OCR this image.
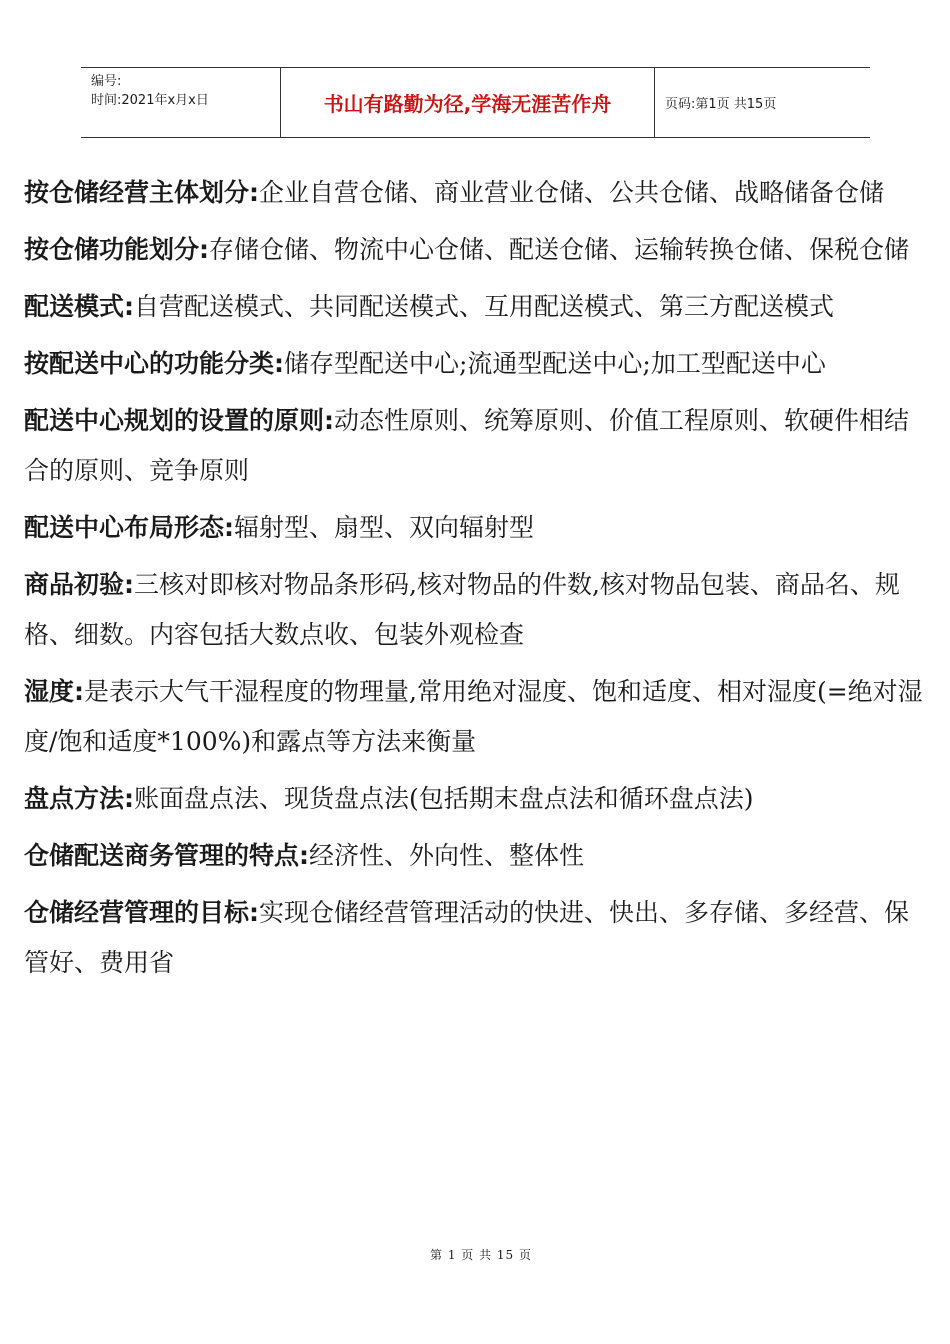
编号:
时间:2021年x月x日	书山有路勤为径,学海无涯苦作舟	页码:第1页 共15页

按仓储经营主体划分:企业自营仓储、商业营业仓储、公共仓储、战略储备仓储

按仓储功能划分:存储仓储、物流中心仓储、配送仓储、运输转换仓储、保税仓储

配送模式:自营配送模式、共同配送模式、互用配送模式、第三方配送模式

按配送中心的功能分类:储存型配送中心;流通型配送中心;加工型配送中心

配送中心规划的设置的原则:动态性原则、统筹原则、价值工程原则、软硬件相结合的原则、竞争原则

配送中心布局形态:辐射型、扇型、双向辐射型

商品初验:三核对即核对物品条形码,核对物品的件数,核对物品包装、商品名、规格、细数。内容包括大数点收、包装外观检查

湿度:是表示大气干湿程度的物理量,常用绝对湿度、饱和适度、相对湿度(=绝对湿度/饱和适度*100%)和露点等方法来衡量

盘点方法:账面盘点法、现货盘点法(包括期末盘点法和循环盘点法)

仓储配送商务管理的特点:经济性、外向性、整体性

仓储经营管理的目标:实现仓储经营管理活动的快进、快出、多存储、多经营、保管好、费用省

第 1 页 共 15 页
